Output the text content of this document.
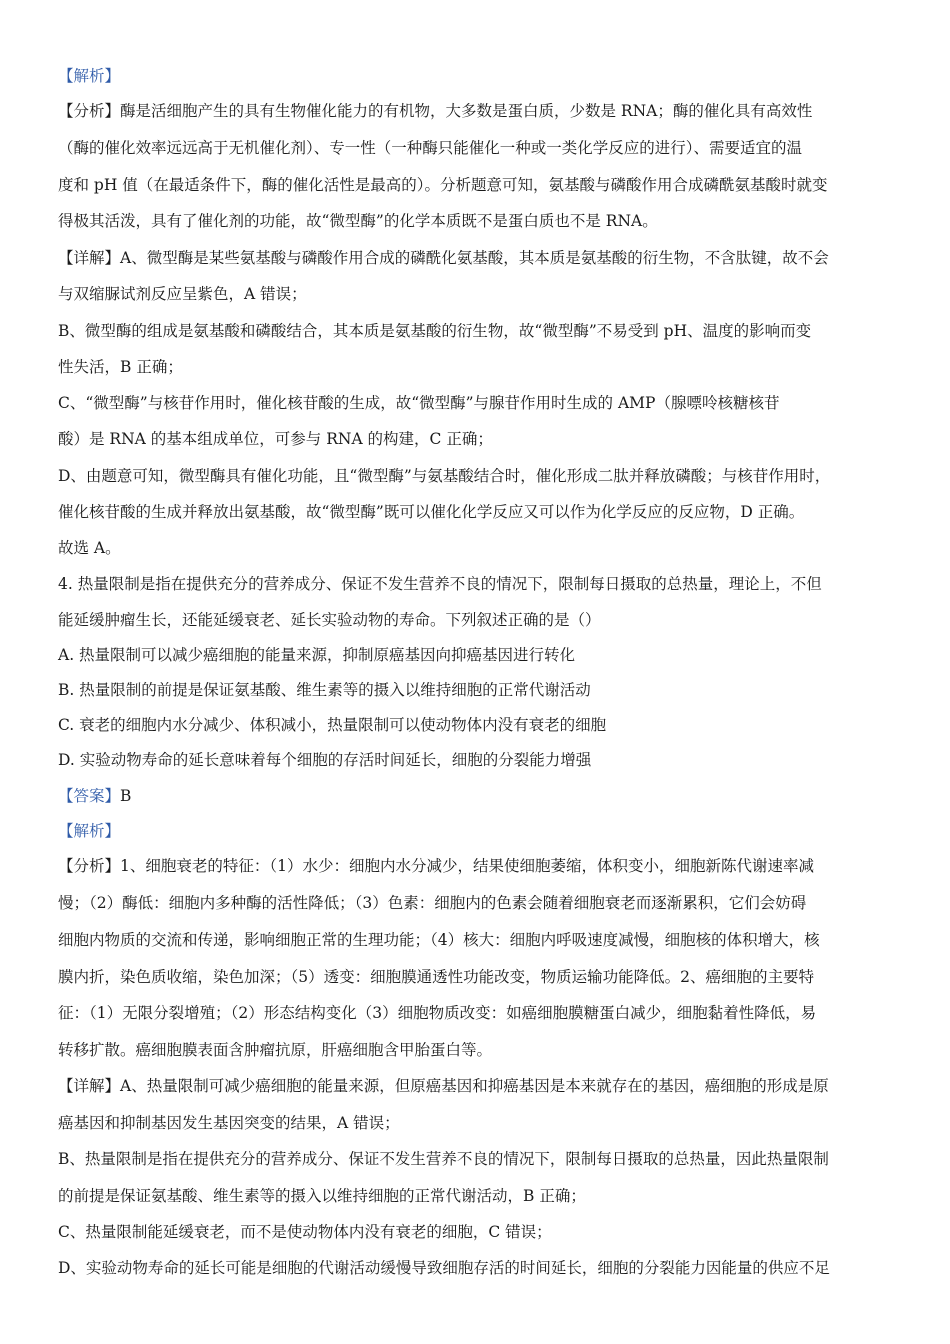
【解析】
【分析】酶是活细胞产生的具有生物催化能力的有机物，大多数是蛋白质，少数是 RNA；酶的催化具有高效性
（酶的催化效率远远高于无机催化剂）、专一性（一种酶只能催化一种或一类化学反应的进行）、需要适宜的温
度和 pH 值（在最适条件下，酶的催化活性是最高的）。分析题意可知，氨基酸与磷酸作用合成磷酰氨基酸时就变
得极其活泼，具有了催化剂的功能，故“微型酶”的化学本质既不是蛋白质也不是 RNA。
【详解】A、微型酶是某些氨基酸与磷酸作用合成的磷酰化氨基酸，其本质是氨基酸的衍生物，不含肽键，故不会
与双缩脲试剂反应呈紫色，A 错误；
B、微型酶的组成是氨基酸和磷酸结合，其本质是氨基酸的衍生物，故“微型酶”不易受到 pH、温度的影响而变
性失活，B 正确；
C、“微型酶”与核苷作用时，催化核苷酸的生成，故“微型酶”与腺苷作用时生成的 AMP（腺嘌呤核糖核苷
酸）是 RNA 的基本组成单位，可参与 RNA 的构建，C 正确；
D、由题意可知，微型酶具有催化功能，且“微型酶”与氨基酸结合时，催化形成二肽并释放磷酸；与核苷作用时，
催化核苷酸的生成并释放出氨基酸，故“微型酶”既可以催化化学反应又可以作为化学反应的反应物，D 正确。
故选 A。
4. 热量限制是指在提供充分的营养成分、保证不发生营养不良的情况下，限制每日摄取的总热量，理论上，不但
能延缓肿瘤生长，还能延缓衰老、延长实验动物的寿命。下列叙述正确的是（）
A. 热量限制可以减少癌细胞的能量来源，抑制原癌基因向抑癌基因进行转化
B. 热量限制的前提是保证氨基酸、维生素等的摄入以维持细胞的正常代谢活动
C. 衰老的细胞内水分减少、体积减小，热量限制可以使动物体内没有衰老的细胞
D. 实验动物寿命的延长意味着每个细胞的存活时间延长，细胞的分裂能力增强
【答案】B
【解析】
【分析】1、细胞衰老的特征：（1）水少：细胞内水分减少，结果使细胞萎缩，体积变小，细胞新陈代谢速率减
慢；（2）酶低：细胞内多种酶的活性降低；（3）色素：细胞内的色素会随着细胞衰老而逐渐累积，它们会妨碍
细胞内物质的交流和传递，影响细胞正常的生理功能；（4）核大：细胞内呼吸速度减慢，细胞核的体积增大，核
膜内折，染色质收缩，染色加深；（5）透变：细胞膜通透性功能改变，物质运输功能降低。2、癌细胞的主要特
征：（1）无限分裂增殖；（2）形态结构变化（3）细胞物质改变：如癌细胞膜糖蛋白减少，细胞黏着性降低，易
转移扩散。癌细胞膜表面含肿瘤抗原，肝癌细胞含甲胎蛋白等。
【详解】A、热量限制可减少癌细胞的能量来源，但原癌基因和抑癌基因是本来就存在的基因，癌细胞的形成是原
癌基因和抑制基因发生基因突变的结果，A 错误；
B、热量限制是指在提供充分的营养成分、保证不发生营养不良的情况下，限制每日摄取的总热量，因此热量限制
的前提是保证氨基酸、维生素等的摄入以维持细胞的正常代谢活动，B 正确；
C、热量限制能延缓衰老，而不是使动物体内没有衰老的细胞，C 错误；
D、实验动物寿命的延长可能是细胞的代谢活动缓慢导致细胞存活的时间延长，细胞的分裂能力因能量的供应不足
